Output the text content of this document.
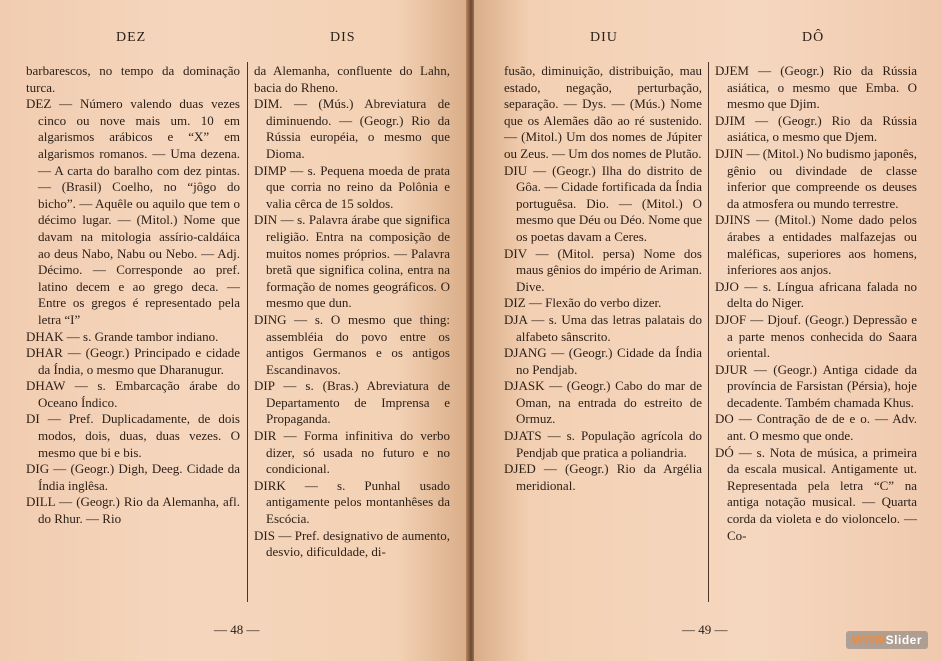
DEZ	DIS

barbarescos, no tempo da dominação turca.

DEZ — Número valendo duas vezes cinco ou nove mais um. 10 em algarismos arábicos e “X” em algarismos romanos. — Uma dezena. — A carta do baralho com dez pintas. — (Brasil) Coelho, no “jôgo do bicho”. — Aquêle ou aquilo que tem o décimo lugar. — (Mitol.) Nome que davam na mitologia assírio-caldáica ao deus Nabo, Nabu ou Nebo. — Adj. Décimo. — Corresponde ao pref. latino decem e ao grego deca. — Entre os gregos é representado pela letra “I”

DHAK — s. Grande tambor indiano.

DHAR — (Geogr.) Principado e cidade da Índia, o mesmo que Dharanugur.

DHAW — s. Embarcação árabe do Oceano Índico.

DI — Pref. Duplicadamente, de dois modos, dois, duas, duas vezes. O mesmo que bi e bis.

DIG — (Geogr.) Digh, Deeg. Cidade da Índia inglêsa.

DILL — (Geogr.) Rio da Alemanha, afl. do Rhur. — Rio

da Alemanha, confluente do Lahn, bacia do Rheno.

DIM. — (Mús.) Abreviatura de diminuendo. — (Geogr.) Rio da Rússia européia, o mesmo que Dioma.

DIMP — s. Pequena moeda de prata que corria no reino da Polônia e valia cêrca de 15 soldos.

DIN — s. Palavra árabe que significa religião. Entra na composição de muitos nomes próprios. — Palavra bretã que significa colina, entra na formação de nomes geográficos. O mesmo que dun.

DING — s. O mesmo que thing: assembléia do povo entre os antigos Germanos e os antigos Escandinavos.

DIP — s. (Bras.) Abreviatura de Departamento de Imprensa e Propaganda.

DIR — Forma infinitiva do verbo dizer, só usada no futuro e no condicional.

DIRK — s. Punhal usado antigamente pelos montanhêses da Escócia.

DIS — Pref. designativo de aumento, desvio, dificuldade, di-

— 48 —
DIU	DÔ

fusão, diminuição, distribuição, mau estado, negação, perturbação, separação. — Dys. — (Mús.) Nome que os Alemães dão ao ré sustenido. — (Mitol.) Um dos nomes de Júpiter ou Zeus. — Um dos nomes de Plutão.

DIU — (Geogr.) Ilha do distrito de Gôa. — Cidade fortificada da Índia portuguêsa. Dio. — (Mitol.) O mesmo que Déu ou Déo. Nome que os poetas davam a Ceres.

DIV — (Mitol. persa) Nome dos maus gênios do império de Ariman. Dive.

DIZ — Flexão do verbo dizer.

DJA — s. Uma das letras palatais do alfabeto sânscrito.

DJANG — (Geogr.) Cidade da Índia no Pendjab.

DJASK — (Geogr.) Cabo do mar de Oman, na entrada do estreito de Ormuz.

DJATS — s. População agrícola do Pendjab que pratica a poliandria.

DJED — (Geogr.) Rio da Argélia meridional.

DJEM — (Geogr.) Rio da Rússia asiática, o mesmo que Emba. O mesmo que Djim.

DJIM — (Geogr.) Rio da Rússia asiática, o mesmo que Djem.

DJIN — (Mitol.) No budismo japonês, gênio ou divindade de classe inferior que compreende os deuses da atmosfera ou mundo terrestre.

DJINS — (Mitol.) Nome dado pelos árabes a entidades malfazejas ou maléficas, superiores aos homens, inferiores aos anjos.

DJO — s. Língua africana falada no delta do Niger.

DJOF — Djouf. (Geogr.) Depressão e a parte menos conhecida do Saara oriental.

DJUR — (Geogr.) Antiga cidade da província de Farsistan (Pérsia), hoje decadente. Também chamada Khus.

DO — Contração de de e o. — Adv. ant. O mesmo que onde.

DÓ — s. Nota de música, a primeira da escala musical. Antigamente ut. Representada pela letra “C” na antiga notação musical. — Quarta corda da violeta e do violoncelo. — Co-

— 49 —
WOWSlider
